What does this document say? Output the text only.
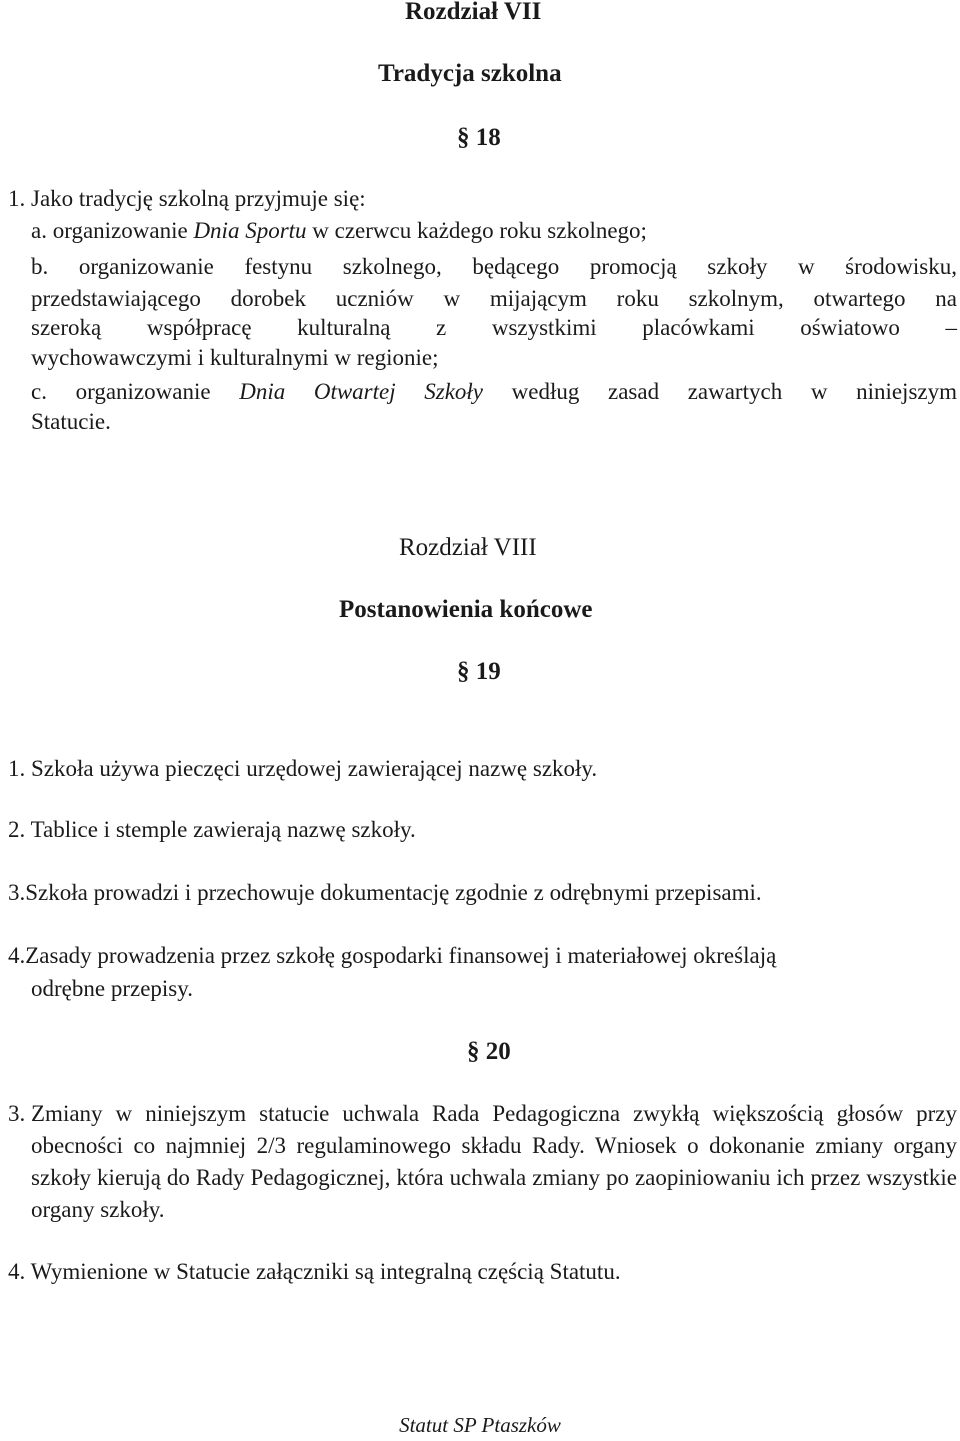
Rozdział VII

Tradycja szkolna

§ 18

1. Jako tradycję szkolną przyjmuje się:

a. organizowanie Dnia Sportu w czerwcu każdego roku szkolnego;

b. organizowanie festynu szkolnego, będącego promocją szkoły w środowisku,

przedstawiającego dorobek uczniów w mijającym roku szkolnym, otwartego na

szeroką współpracę kulturalną z wszystkimi placówkami oświatowo –

wychowawczymi i kulturalnymi w regionie;

c. organizowanie Dnia Otwartej Szkoły według zasad zawartych w niniejszym

Statucie.

Rozdział VIII

Postanowienia końcowe

§ 19

1. Szkoła używa pieczęci urzędowej zawierającej nazwę szkoły.

2. Tablice i stemple zawierają nazwę szkoły.

3.Szkoła prowadzi i przechowuje dokumentację zgodnie z odrębnymi przepisami.

4.Zasady prowadzenia przez szkołę gospodarki finansowej i materiałowej określają

odrębne przepisy.

§ 20

3. Zmiany w niniejszym statucie uchwala Rada Pedagogiczna zwykłą większością głosów przy obecności co najmniej 2/3 regulaminowego składu Rady. Wniosek o dokonanie zmiany organy szkoły kierują do Rady Pedagogicznej, która uchwala zmiany po zaopiniowaniu ich przez wszystkie organy szkoły.

4. Wymienione w Statucie załączniki są integralną częścią Statutu.

Statut SP Ptaszków
